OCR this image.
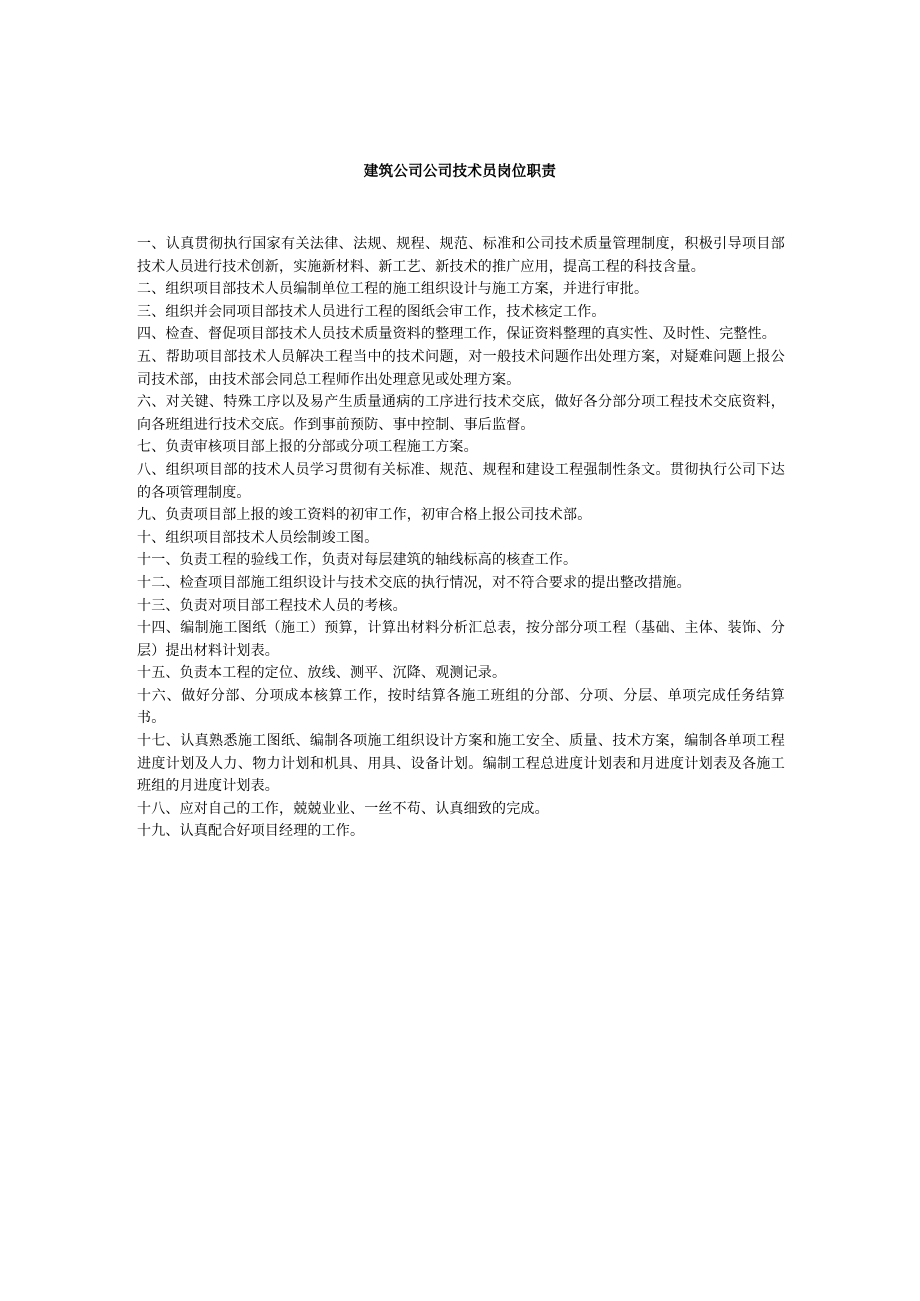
建筑公司公司技术员岗位职责

一、认真贯彻执行国家有关法律、法规、规程、规范、标准和公司技术质量管理制度，积极引导项目部技术人员进行技术创新，实施新材料、新工艺、新技术的推广应用，提高工程的科技含量。

二、组织项目部技术人员编制单位工程的施工组织设计与施工方案，并进行审批。

三、组织并会同项目部技术人员进行工程的图纸会审工作，技术核定工作。

四、检查、督促项目部技术人员技术质量资料的整理工作，保证资料整理的真实性、及时性、完整性。

五、帮助项目部技术人员解决工程当中的技术问题，对一般技术问题作出处理方案，对疑难问题上报公司技术部，由技术部会同总工程师作出处理意见或处理方案。

六、对关键、特殊工序以及易产生质量通病的工序进行技术交底，做好各分部分项工程技术交底资料，向各班组进行技术交底。作到事前预防、事中控制、事后监督。

七、负责审核项目部上报的分部或分项工程施工方案。

八、组织项目部的技术人员学习贯彻有关标准、规范、规程和建设工程强制性条文。贯彻执行公司下达的各项管理制度。

九、负责项目部上报的竣工资料的初审工作，初审合格上报公司技术部。

十、组织项目部技术人员绘制竣工图。

十一、负责工程的验线工作，负责对每层建筑的轴线标高的核查工作。

十二、检查项目部施工组织设计与技术交底的执行情况，对不符合要求的提出整改措施。

十三、负责对项目部工程技术人员的考核。

十四、编制施工图纸（施工）预算，计算出材料分析汇总表，按分部分项工程（基础、主体、装饰、分层）提出材料计划表。

十五、负责本工程的定位、放线、测平、沉降、观测记录。

十六、做好分部、分项成本核算工作，按时结算各施工班组的分部、分项、分层、单项完成任务结算书。

十七、认真熟悉施工图纸、编制各项施工组织设计方案和施工安全、质量、技术方案，编制各单项工程进度计划及人力、物力计划和机具、用具、设备计划。编制工程总进度计划表和月进度计划表及各施工班组的月进度计划表。

十八、应对自己的工作，兢兢业业、一丝不苟、认真细致的完成。

十九、认真配合好项目经理的工作。
